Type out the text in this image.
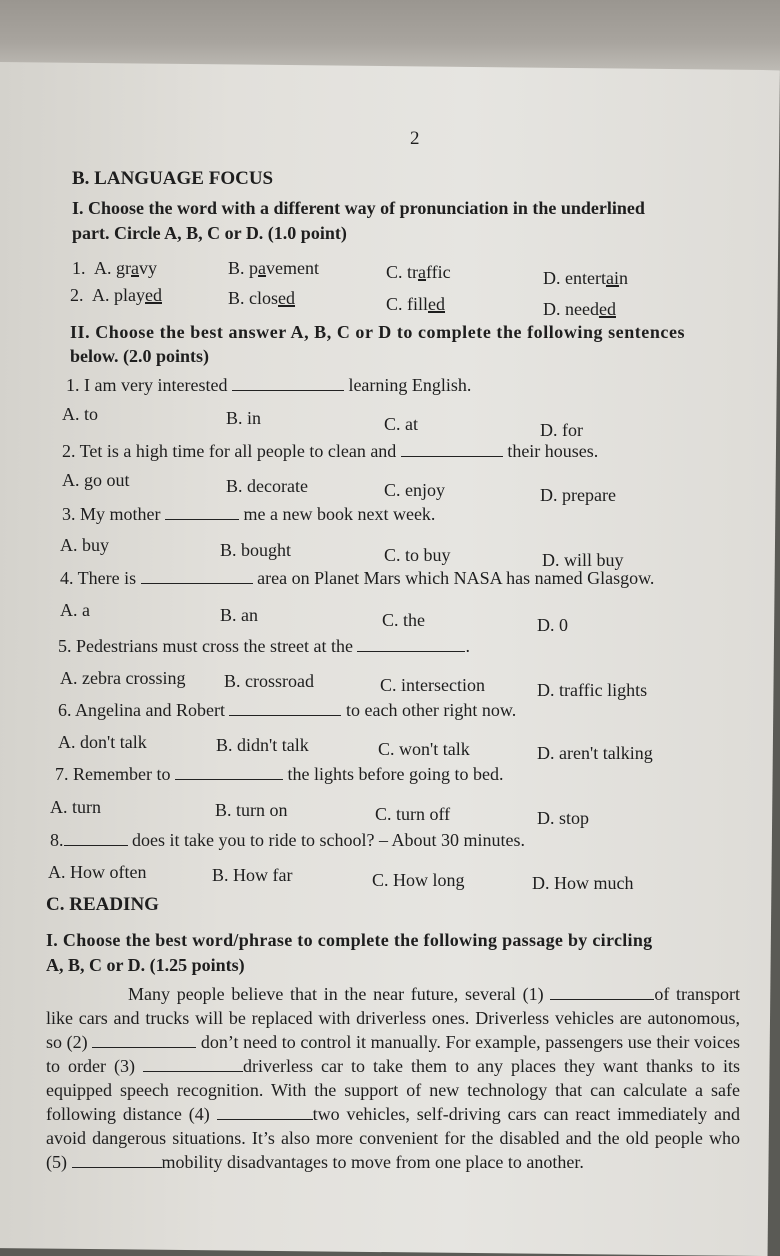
2
B. LANGUAGE FOCUS
I. Choose the word with a different way of pronunciation in the underlined
part. Circle A, B, C or D. (1.0 point)
1. A. gravy	B. pavement	C. traffic	D. entertain
2. A. played	B. closed	C. filled	D. needed
II. Choose the best answer A, B, C or D to complete the following sentences
below. (2.0 points)
1. I am very interested	learning English.
A. to	B. in	C. at	D. for
2. Tet is a high time for all people to clean and	their houses.
A. go out	B. decorate	C. enjoy	D. prepare
3. My mother	me a new book next week.
A. buy	B. bought	C. to buy	D. will buy
4. There is	area on Planet Mars which NASA has named Glasgow.
A. a	B. an	C. the	D. 0
5. Pedestrians must cross the street at the	.
A. zebra crossing B. crossroad	C. intersection	D. traffic lights
6. Angelina and Robert	to each other right now.
A. don't talk	B. didn't talk	C. won't talk	D. aren't talking
7. Remember to	the lights before going to bed.
A. turn	B. turn on	C. turn off	D. stop
8.	does it take you to ride to school? – About 30 minutes.
A. How often	B. How far	C. How long	D. How much
C. READING
I. Choose the best word/phrase to complete the following passage by circling
A, B, C or D. (1.25 points)
Many people believe that in the near future, several (1)	of transport like cars and trucks will be replaced with driverless ones. Driverless vehicles are autonomous, so (2)	don’t need to control it manually. For example, passengers use their voices to order (3)	driverless car to take them to any places they want thanks to its equipped speech recognition. With the support of new technology that can calculate a safe following distance (4)	two vehicles, self-driving cars can react immediately and avoid dangerous situations. It’s also more convenient for the disabled and the old people who (5)	mobility disadvantages to move from one place to another.
